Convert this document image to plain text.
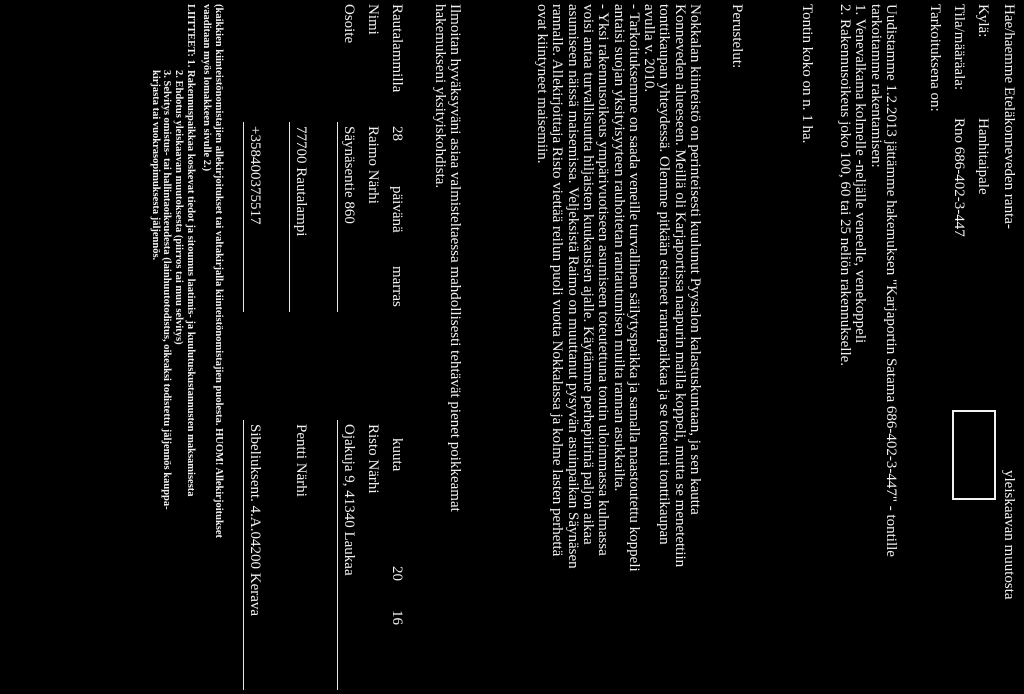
Hae/haemme Eteläkonneveden ranta-
yleiskaavan muutosta
Kylä:
Hanhitaipale
Tila/määräala:
Rno 686-402-3-447
Tarkoituksena on:

Uudistamme 1.2.2013 jättämme hakemuksen "Karjaportin Satama 686-402-3-447" - tontille

tarkoitamme rakentamisen:

1. Venevalkama kolmelle -neljälle veneelle, venekoppeli

2. Rakennusoikeus joko 100, 60 tai 25 neliön rakennukselle.

Tontin koko on n. 1 ha.
Perustelut:

Nokkalan kiinteistö on perinteisesti kuulunut Pyysalon kalastuskuntaan, ja sen kautta

Konneveden alueeseen. Meillä oli Karjaportissa naapurin mailla koppeli, mutta se menetettiin

tonttikaupan yhteydessä. Olemme pitkään etsineet rantapaikkaa ja se toteutui tonttikaupan

avulla v. 2010.

- Tarkoituksemme on saada veneille turvallinen säilytyspaikka ja samalla maastoutettu koppeli

antaisi suojan yksityisyyteen rauhoitetan rantautumisen muilta rannan asukkailta.

- Yksi rakennusoikeus ympärivuotiseen asumiseen toteutettuna tontin uloimmassa kulmassa

voisi antaa turvallisuutta hiljaisten kuukausien ajalle. Käytämme perhepiirinä paljon aikaa

asumiseen näissä maisemissa. Veljeksistä Raimo on muuttanut pysyvän asuinpaikan Säynäsen

rannalle. Allekirjoittaja Risto viettää reilun puoli vuotta Nokkalassa ja kolme lasten perhettä

ovat kiintyneet maisemiin.

Ilmoitan hyväksyväni asiaa valmisteltaessa mahdollisesti tehtävät pienet poikkeamat

hakemukseni yksityiskohdista.

Rautalammilla
28
päivänä
marras
kuuta
20
16
Nimi
Raimo Närhi
Risto Närhi
Osoite
Säynäsentie 860
Ojakuja 9, 41340 Laukaa
77700 Rautalampi
Pentti Närhi
+358400375517
Sibeliuksent. 4.A.04200 Kerava

(kaikkien kiinteistönomistajien allekirjoitukset tai valtakirjalla kiinteistönomistajien puolesta. HUOM! Allekirjoitukset

vaaditaan myös lomakkeen sivulle 2.)

LIITTEET: 1. Rakennuspaikkaa koskevat tiedot ja sitoumus laatimis- ja kuulutuskustannusten maksamisesta

2. Ehdotus yleiskaavan muutoksesta (piirros tai muu selvitys)

3. Selvitys omistus- tai hallintaoikeudesta (lainhuutotodistus, oikeaksi todistettu jäljennös kauppa-

kirjasta tai vuokrasopimuksesta jäljennös.
